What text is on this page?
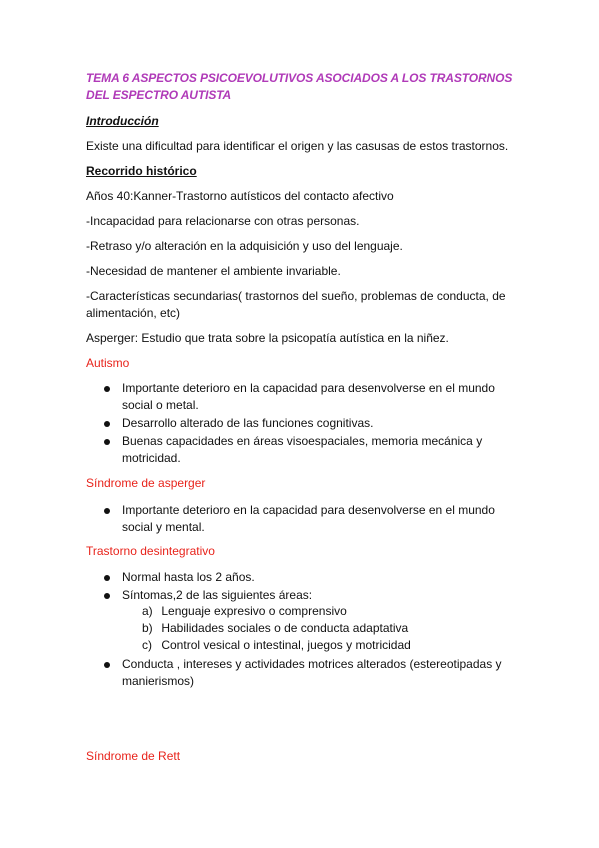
TEMA 6 ASPECTOS PSICOEVOLUTIVOS ASOCIADOS A LOS TRASTORNOS DEL ESPECTRO AUTISTA
Introducción
Existe una dificultad para identificar el origen y las casusas de estos trastornos.
Recorrido histórico
Años 40:Kanner-Trastorno autísticos del contacto afectivo
-Incapacidad para relacionarse con otras personas.
-Retraso y/o alteración en la adquisición y uso del lenguaje.
-Necesidad de mantener el ambiente invariable.
-Características secundarias( trastornos del sueño, problemas de conducta, de alimentación, etc)
Asperger: Estudio que trata sobre la psicopatía autística en la niñez.
Autismo
Importante deterioro en la capacidad para desenvolverse en el mundo social o metal.
Desarrollo alterado de las funciones cognitivas.
Buenas capacidades en áreas visoespaciales, memoria mecánica y motricidad.
Síndrome de asperger
Importante deterioro en la capacidad para desenvolverse en el mundo social y mental.
Trastorno desintegrativo
Normal hasta los 2 años.
Síntomas,2 de las siguientes áreas:
a) Lenguaje expresivo o comprensivo
b) Habilidades sociales o de conducta adaptativa
c) Control vesical o intestinal, juegos y motricidad
Conducta , intereses y actividades motrices alterados (estereotipadas y manierismos)
Síndrome de Rett
